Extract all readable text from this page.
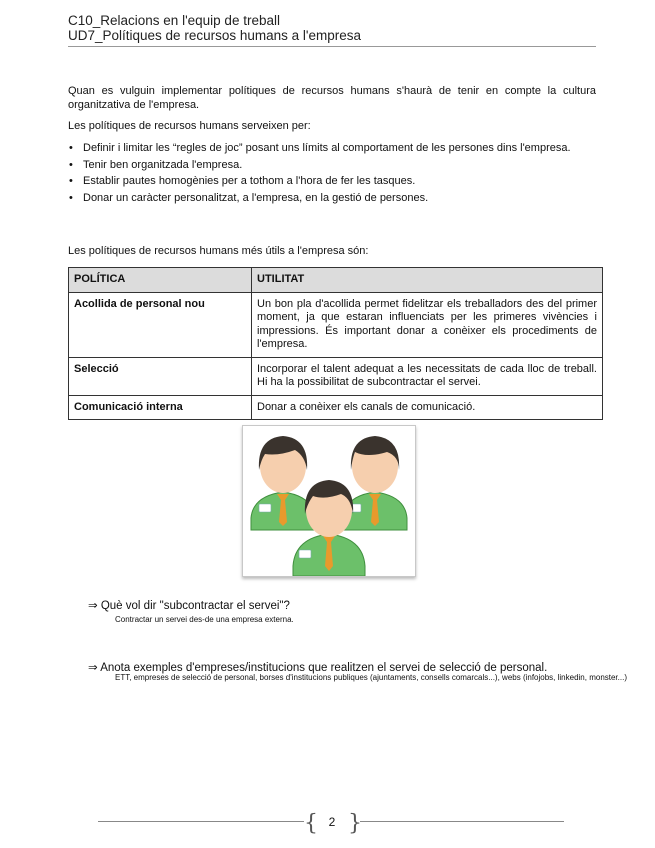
C10_Relacions en l'equip de treball
UD7_Polítiques de recursos humans a l'empresa

Quan es vulguin implementar polítiques de recursos humans s'haurà de tenir en compte la cultura organitzativa de l'empresa.

Les polítiques de recursos humans serveixen per:

• Definir i limitar les “regles de joc” posant uns límits al comportament de les persones dins l'empresa.
• Tenir ben organitzada l'empresa.
• Establir pautes homogènies per a tothom a l'hora de fer les tasques.
• Donar un caràcter personalitzat, a l'empresa, en la gestió de persones.
Les polítiques de recursos humans més útils a l'empresa són:
POLÍTICA	UTILITAT
Acollida de personal nou	Un bon pla d'acollida permet fidelitzar els treballadors des del primer moment, ja que estaran influenciats per les primeres vivències i impressions. És important donar a conèixer els procediments de l'empresa.
Selecció	Incorporar el talent adequat a les necessitats de cada lloc de treball. Hi ha la possibilitat de subcontractar el servei.
Comunicació interna	Donar a conèixer els canals de comunicació.
⇒ Què vol dir "subcontractar el servei"?
Contractar un servei des-de una empresa externa.
⇒ Anota exemples d'empreses/institucions que realitzen el servei de selecció de personal.
ETT, empreses de selecció de personal, borses d'institucions publiques (ajuntaments, consells comarcals...), webs (infojobs, linkedin, monster...)
{ }
2
